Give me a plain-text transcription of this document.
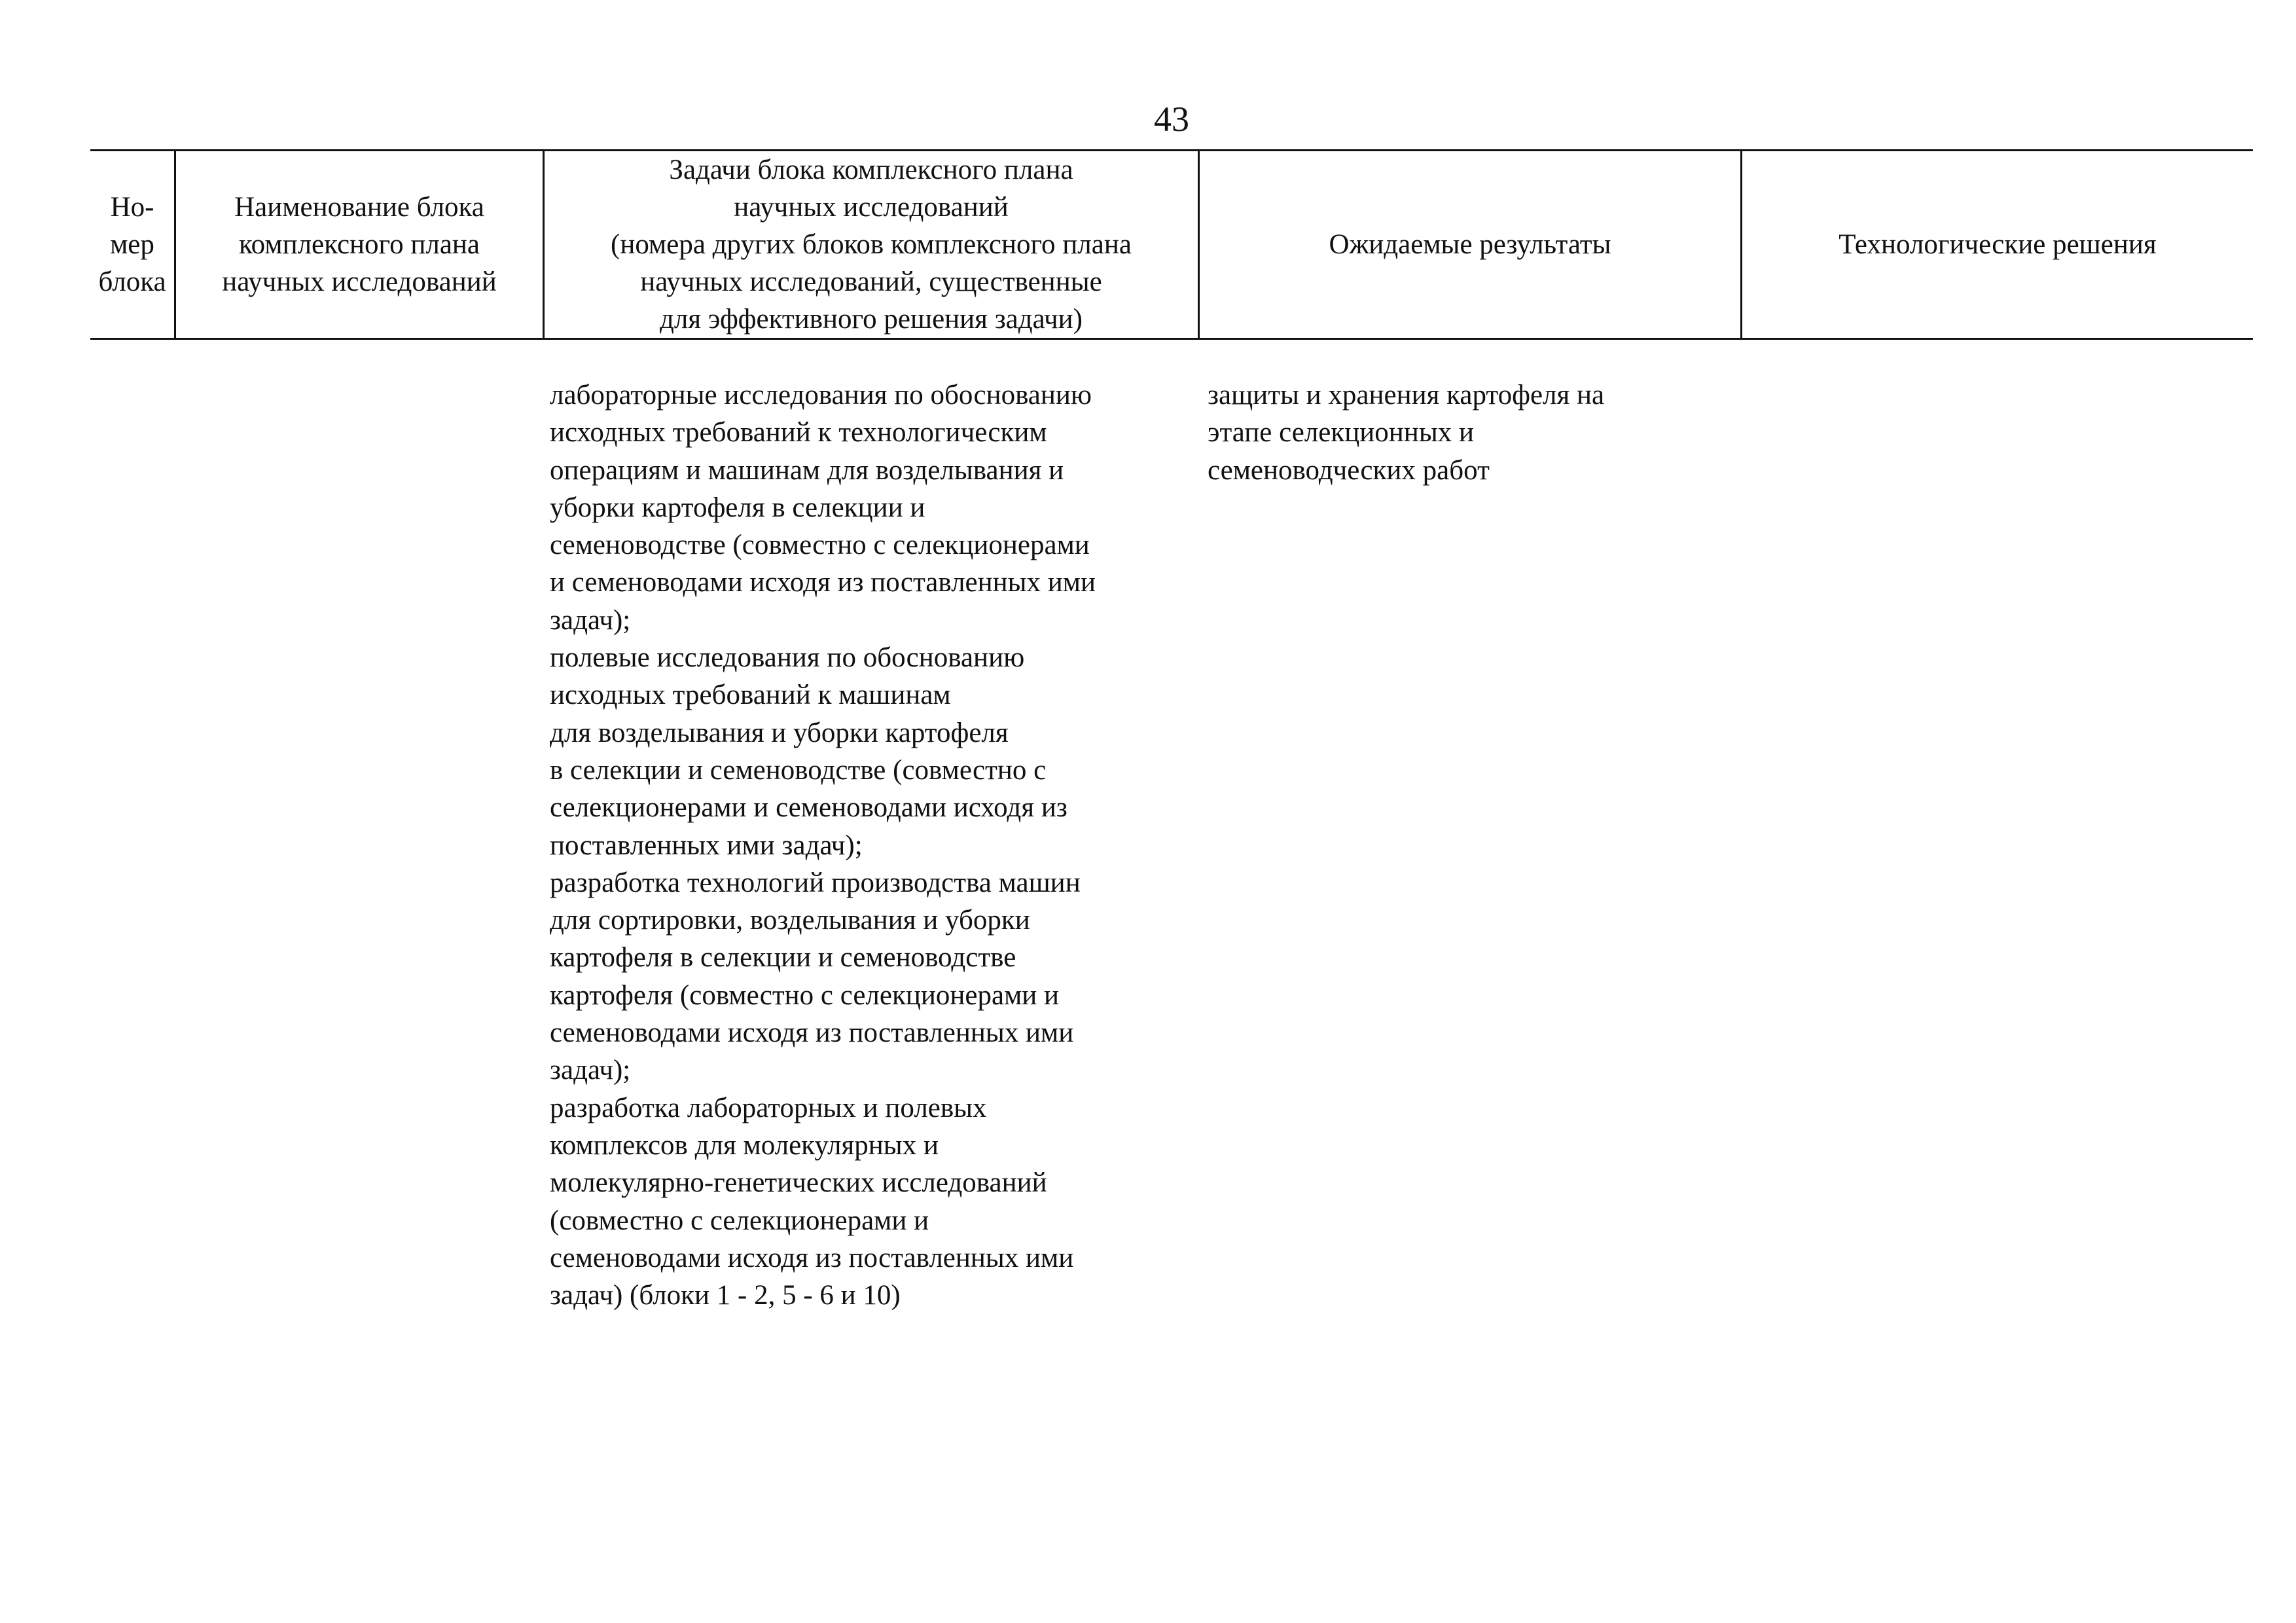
43
Но-
мер
блока
Наименование блока
комплексного плана
научных исследований
Задачи блока комплексного плана
научных исследований
(номера других блоков комплексного плана
научных исследований, существенные
для эффективного решения задачи)
Ожидаемые результаты	Технологические решения
лабораторные исследования по обоснованию
исходных требований к технологическим
операциям и машинам для возделывания и
уборки картофеля в селекции и
семеноводстве (совместно с селекционерами
и семеноводами исходя из поставленных ими
задач);
полевые исследования по обоснованию
исходных требований к машинам
для возделывания и уборки картофеля
в селекции и семеноводстве (совместно с
селекционерами и семеноводами исходя из
поставленных ими задач);
разработка технологий производства машин
для сортировки, возделывания и уборки
картофеля в селекции и семеноводстве
картофеля (совместно с селекционерами и
семеноводами исходя из поставленных ими
задач);
разработка лабораторных и полевых
комплексов для молекулярных и
молекулярно-генетических исследований
(совместно с селекционерами и
семеноводами исходя из поставленных ими
задач) (блоки 1 - 2, 5 - 6 и 10)
защиты и хранения картофеля на
этапе селекционных и
семеноводческих работ
